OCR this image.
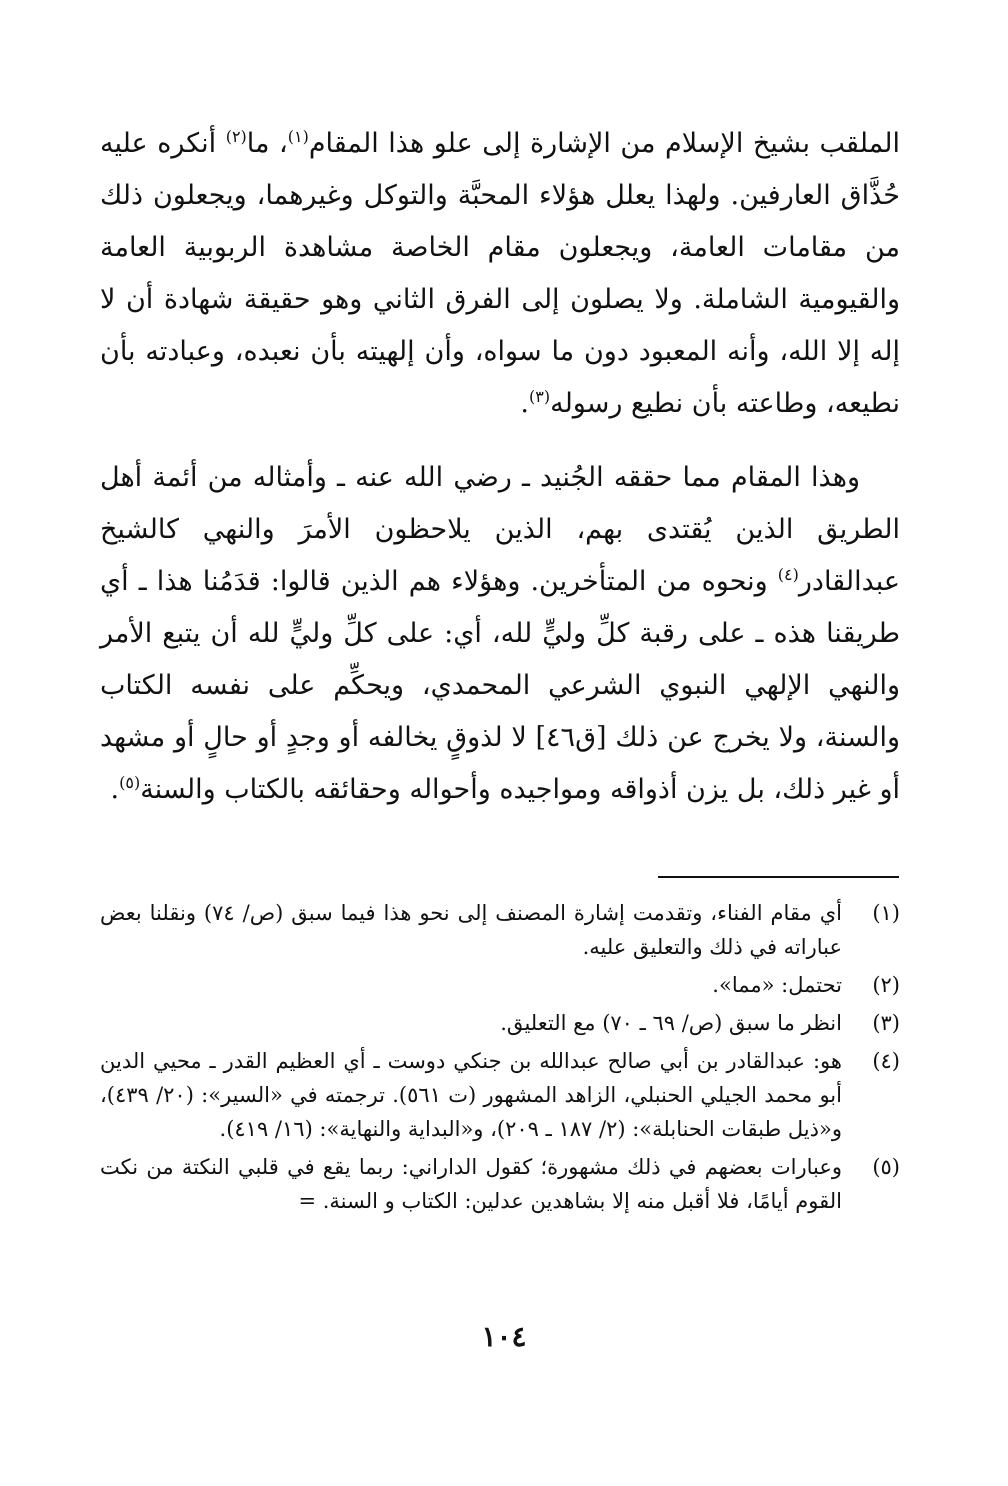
الملقب بشيخ الإسلام من الإشارة إلى علو هذا المقام$^{(١)}$، ما$^{(٢)}$ أنكره عليه حُذَّاق العارفين. ولهذا يعلل هؤلاء المحبَّة والتوكل وغيرهما، ويجعلون ذلك من مقامات العامة، ويجعلون مقام الخاصة مشاهدة الربوبية العامة والقيومية الشاملة. ولا يصلون إلى الفرق الثاني وهو حقيقة شهادة أن لا إله إلا الله، وأنه المعبود دون ما سواه، وأن إلهيته بأن نعبده، وعبادته بأن نطيعه، وطاعته بأن نطيع رسوله$^{(٣)}$.

وهذا المقام مما حققه الجُنيد ـ رضي الله عنه ـ وأمثاله من أئمة أهل الطريق الذين يُقتدى بهم، الذين يلاحظون الأمرَ والنهي كالشيخ عبدالقادر$^{(٤)}$ ونحوه من المتأخرين. وهؤلاء هم الذين قالوا: قدَمُنا هذا ـ أي طريقنا هذه ـ على رقبة كلِّ وليٍّ لله، أي: على كلِّ وليٍّ لله أن يتبع الأمر والنهي الإلهي النبوي الشرعي المحمدي، ويحكِّم على نفسه الكتاب والسنة، ولا يخرج عن ذلك [ق٤٦] لا لذوقٍ يخالفه أو وجدٍ أو حالٍ أو مشهد أو غير ذلك، بل يزن أذواقه ومواجيده وأحواله وحقائقه بالكتاب والسنة$^{(٥)}$.

(١)
أي مقام الفناء، وتقدمت إشارة المصنف إلى نحو هذا فيما سبق (ص/ ٧٤) ونقلنا بعض عباراته في ذلك والتعليق عليه.
(٢)
تحتمل: «مما».
(٣)
انظر ما سبق (ص/ ٦٩ ـ ٧٠) مع التعليق.
(٤)
هو: عبدالقادر بن أبي صالح عبدالله بن جنكي دوست ـ أي العظيم القدر ـ محيي الدين أبو محمد الجيلي الحنبلي، الزاهد المشهور (ت ٥٦١). ترجمته في «السير»: (٢٠/ ٤٣٩)، و«ذيل طبقات الحنابلة»: (٢/ ١٨٧ ـ ٢٠٩)، و«البداية والنهاية»: (١٦/ ٤١٩).
(٥)
وعبارات بعضهم في ذلك مشهورة؛ كقول الداراني: ربما يقع في قلبي النكتة من نكت القوم أيامًا، فلا أقبل منه إلا بشاهدين عدلين: الكتاب و السنة. =
١٠٤
